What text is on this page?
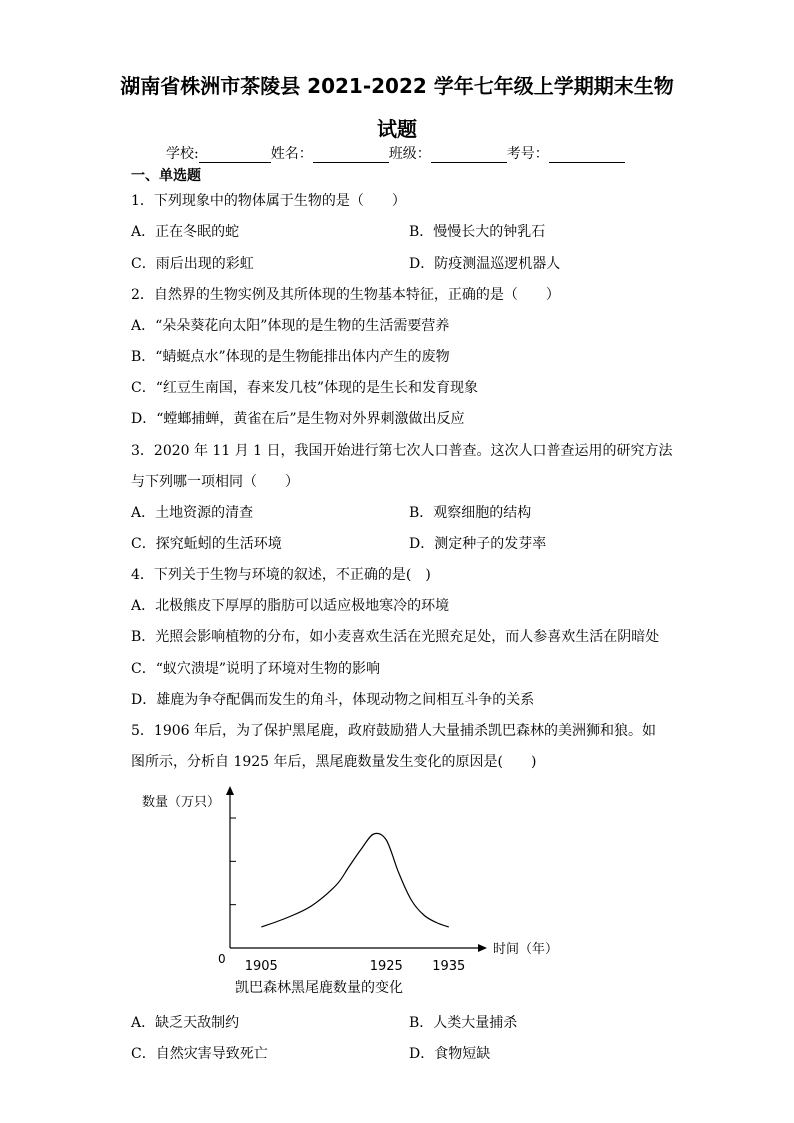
湖南省株洲市茶陵县 2021-2022 学年七年级上学期期末生物
试题
学校:	姓名：	班级：	考号：
一、单选题
1．下列现象中的物体属于生物的是（　　）
A．正在冬眠的蛇	B．慢慢长大的钟乳石
C．雨后出现的彩虹	D．防疫测温巡逻机器人
2．自然界的生物实例及其所体现的生物基本特征，正确的是（　　）
A．“朵朵葵花向太阳”体现的是生物的生活需要营养
B．“蜻蜓点水”体现的是生物能排出体内产生的废物
C．“红豆生南国，春来发几枝”体现的是生长和发育现象
D．“螳螂捕蝉，黄雀在后”是生物对外界刺激做出反应
3．2020 年 11 月 1 日，我国开始进行第七次人口普查。这次人口普查运用的研究方法
与下列哪一项相同（　　）
A．土地资源的清查	B．观察细胞的结构
C．探究蚯蚓的生活环境	D．测定种子的发芽率
4．下列关于生物与环境的叙述，不正确的是(　)
A．北极熊皮下厚厚的脂肪可以适应极地寒冷的环境
B．光照会影响植物的分布，如小麦喜欢生活在光照充足处，而人参喜欢生活在阴暗处
C．“蚁穴溃堤”说明了环境对生物的影响
D．雄鹿为争夺配偶而发生的角斗，体现动物之间相互斗争的关系
5．1906 年后，为了保护黑尾鹿，政府鼓励猎人大量捕杀凯巴森林的美洲狮和狼。如
图所示，分析自 1925 年后，黑尾鹿数量发生变化的原因是(　　)
数量（万只）
时间（年）
0 1905	1925 1935
凯巴森林黑尾鹿数量的变化
A．缺乏天敌制约	B．人类大量捕杀
C．自然灾害导致死亡	D．食物短缺
